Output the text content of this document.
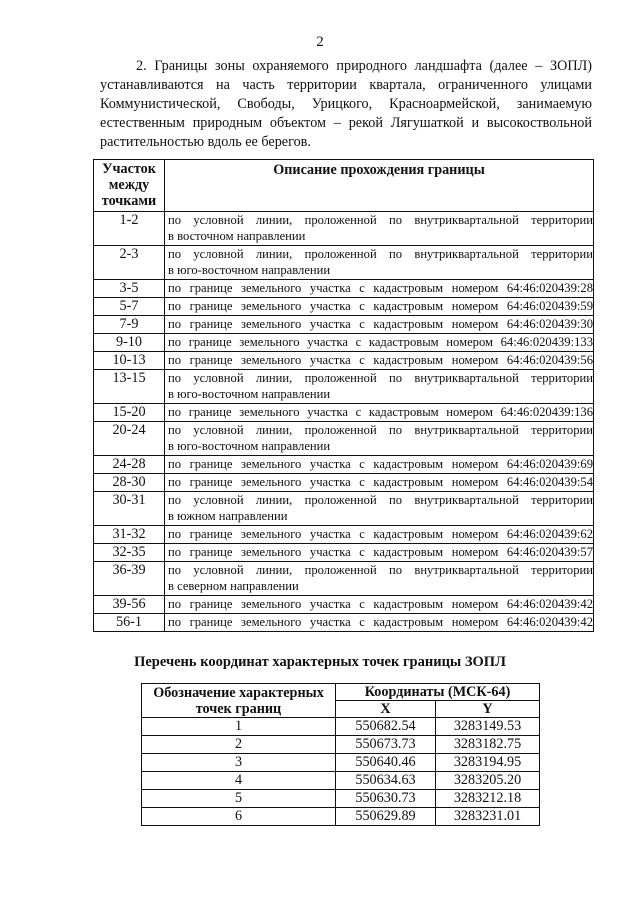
2

2. Границы зоны охраняемого природного ландшафта (далее – ЗОПЛ) устанавливаются на часть территории квартала, ограниченного улицами Коммунистической, Свободы, Урицкого, Красноармейской, занимаемую естественным природным объектом – рекой Лягушаткой и высокоствольной растительностью вдоль ее берегов.

Участок между точками	Описание прохождения границы
1-2	по условной линии, проложенной по внутриквартальной территории
в восточном направлении

2-3	по условной линии, проложенной по внутриквартальной территории
в юго-восточном направлении

3-5	по границе земельного участка с кадастровым номером 64:46:020439:28
5-7	по границе земельного участка с кадастровым номером 64:46:020439:59
7-9	по границе земельного участка с кадастровым номером 64:46:020439:30
9-10	по границе земельного участка с кадастровым номером 64:46:020439:133
10-13	по границе земельного участка с кадастровым номером 64:46:020439:56
13-15	по условной линии, проложенной по внутриквартальной территории
в юго-восточном направлении

15-20	по границе земельного участка с кадастровым номером 64:46:020439:136
20-24	по условной линии, проложенной по внутриквартальной территории
в юго-восточном направлении

24-28	по границе земельного участка с кадастровым номером 64:46:020439:69
28-30	по границе земельного участка с кадастровым номером 64:46:020439:54
30-31	по условной линии, проложенной по внутриквартальной территории
в южном направлении

31-32	по границе земельного участка с кадастровым номером 64:46:020439:62
32-35	по границе земельного участка с кадастровым номером 64:46:020439:57
36-39	по условной линии, проложенной по внутриквартальной территории
в северном направлении

39-56	по границе земельного участка с кадастровым номером 64:46:020439:42
56-1	по границе земельного участка с кадастровым номером 64:46:020439:42
Перечень координат характерных точек границы ЗОПЛ
Обозначение характерных точек границ	Координаты (МСК-64)	
	X	Y
1	550682.54	3283149.53
2	550673.73	3283182.75
3	550640.46	3283194.95
4	550634.63	3283205.20
5	550630.73	3283212.18
6	550629.89	3283231.01
